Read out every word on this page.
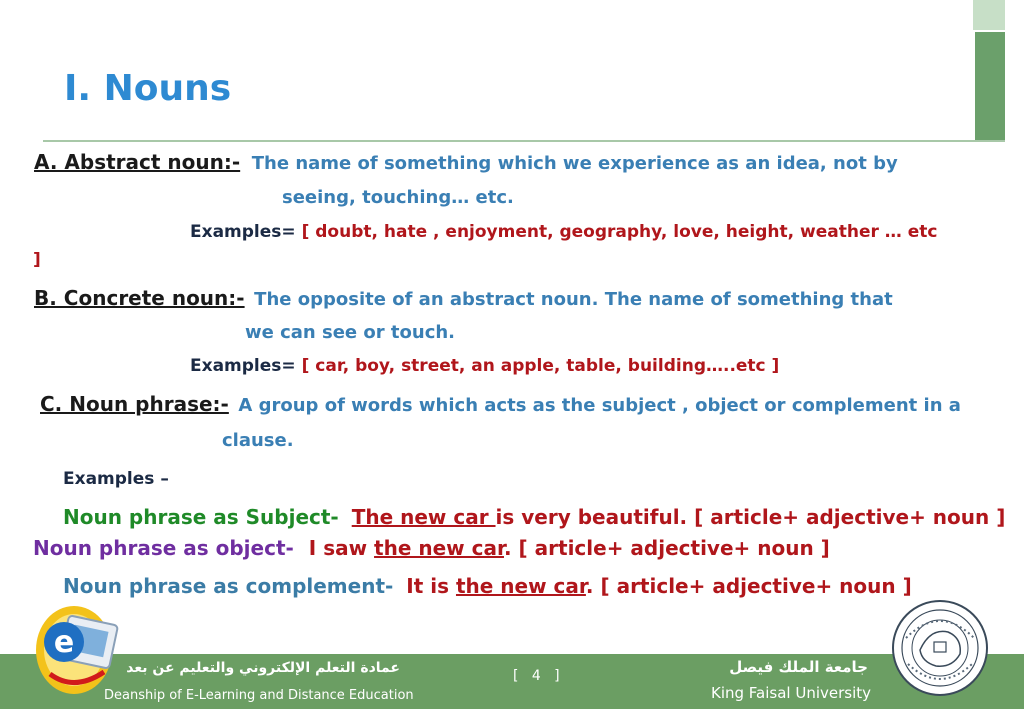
I. Nouns
A. Abstract noun:- The name of something which we experience as an idea, not by
seeing, touching… etc.
Examples= [ doubt, hate , enjoyment, geography, love, height, weather … etc
]
B. Concrete noun:- The opposite of an abstract noun. The name of something that
we can see or touch.
Examples= [ car, boy, street, an apple, table, building…..etc ]
C. Noun phrase:- A group of words which acts as the subject , object or complement in a
clause.
Examples –
Noun phrase as Subject- The new car is very beautiful. [ article+ adjective+ noun ]
Noun phrase as object- I saw the new car. [ article+ adjective+ noun ]
Noun phrase as complement- It is the new car. [ article+ adjective+ noun ]
عمادة التعلم الإلكتروني والتعليم عن بعد
Deanship of E-Learning and Distance Education
[   4   ]	جامعة الملك فيصل
King Faisal University
e
